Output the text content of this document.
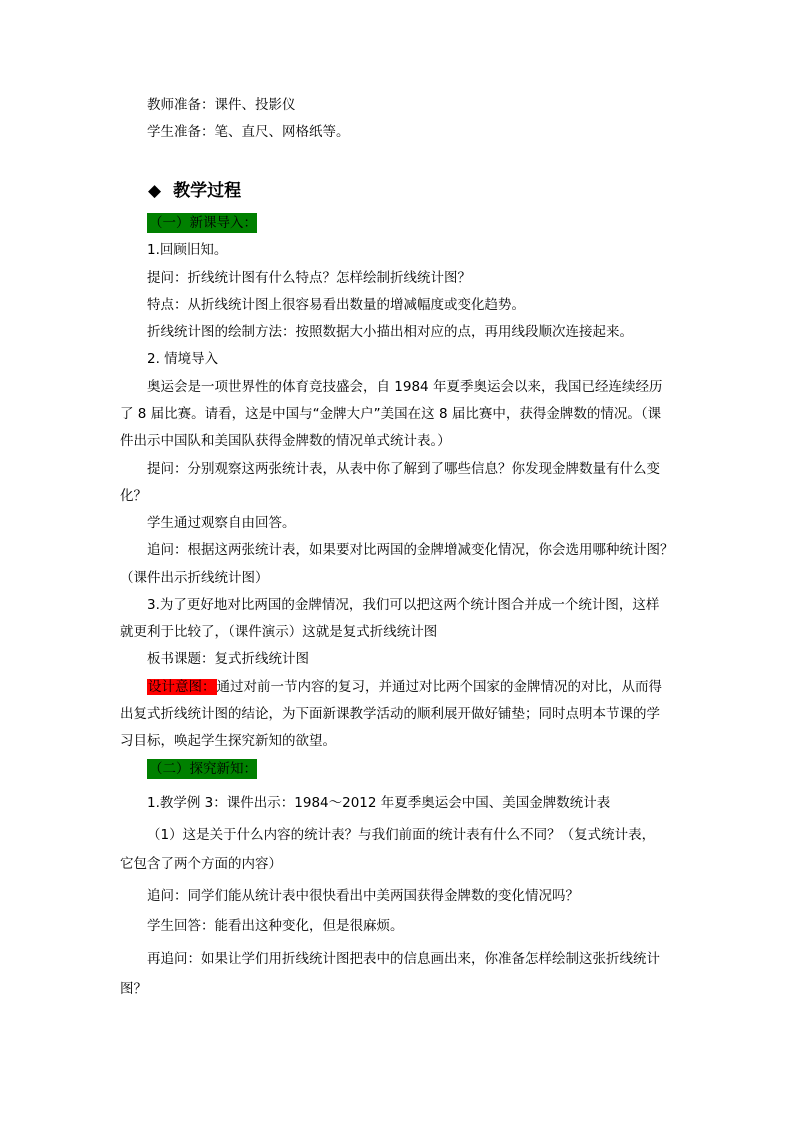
教师准备：课件、投影仪
学生准备：笔、直尺、网格纸等。
◆ 教学过程
（一）新课导入：
1.回顾旧知。
提问：折线统计图有什么特点？怎样绘制折线统计图？
特点：从折线统计图上很容易看出数量的增减幅度或变化趋势。
折线统计图的绘制方法：按照数据大小描出相对应的点，再用线段顺次连接起来。
2. 情境导入
奥运会是一项世界性的体育竞技盛会，自 1984 年夏季奥运会以来，我国已经连续经历
了 8 届比赛。请看，这是中国与“金牌大户”美国在这 8 届比赛中，获得金牌数的情况。（课
件出示中国队和美国队获得金牌数的情况单式统计表。）
提问：分别观察这两张统计表，从表中你了解到了哪些信息？你发现金牌数量有什么变
化？
学生通过观察自由回答。
追问：根据这两张统计表，如果要对比两国的金牌增减变化情况，你会选用哪种统计图？
（课件出示折线统计图）
3.为了更好地对比两国的金牌情况，我们可以把这两个统计图合并成一个统计图，这样
就更利于比较了，（课件演示）这就是复式折线统计图
板书课题：复式折线统计图
设计意图：通过对前一节内容的复习，并通过对比两个国家的金牌情况的对比，从而得
出复式折线统计图的结论，为下面新课教学活动的顺利展开做好铺垫；同时点明本节课的学
习目标，唤起学生探究新知的欲望。
（二）探究新知：
1.教学例 3：课件出示：1984～2012 年夏季奥运会中国、美国金牌数统计表
（1）这是关于什么内容的统计表？与我们前面的统计表有什么不同？（复式统计表，
它包含了两个方面的内容）
追问：同学们能从统计表中很快看出中美两国获得金牌数的变化情况吗？
学生回答：能看出这种变化，但是很麻烦。
再追问：如果让学们用折线统计图把表中的信息画出来，你准备怎样绘制这张折线统计
图？
